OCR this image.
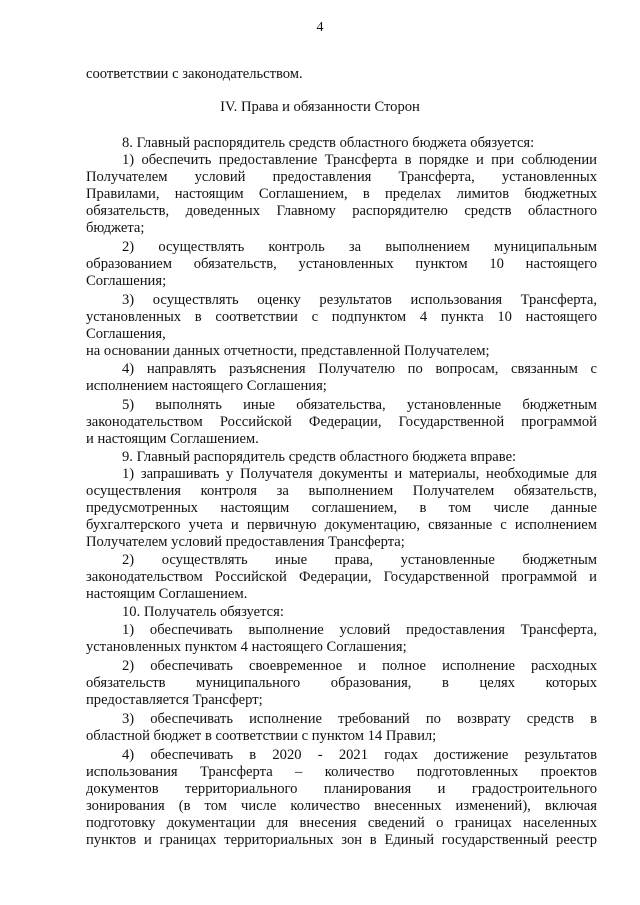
4
соответствии с законодательством.
IV. Права и обязанности Сторон
8. Главный распорядитель средств областного бюджета обязуется:
1) обеспечить предоставление Трансферта в порядке и при соблюдении
Получателем условий предоставления Трансферта, установленных
Правилами, настоящим Соглашением, в пределах лимитов бюджетных
обязательств, доведенных Главному распорядителю средств областного
бюджета;
2) осуществлять контроль за выполнением муниципальным
образованием обязательств, установленных пунктом 10 настоящего
Соглашения;
3) осуществлять оценку результатов использования Трансферта,
установленных в соответствии с подпунктом 4 пункта 10 настоящего
Соглашения,
на основании данных отчетности, представленной Получателем;
4) направлять разъяснения Получателю по вопросам, связанным с
исполнением настоящего Соглашения;
5) выполнять иные обязательства, установленные бюджетным
законодательством Российской Федерации, Государственной программой
и настоящим Соглашением.
9. Главный распорядитель средств областного бюджета вправе:
1) запрашивать у Получателя документы и материалы, необходимые для
осуществления контроля за выполнением Получателем обязательств,
предусмотренных настоящим соглашением, в том числе данные
бухгалтерского учета и первичную документацию, связанные с исполнением
Получателем условий предоставления Трансферта;
2) осуществлять иные права, установленные бюджетным
законодательством Российской Федерации, Государственной программой и
настоящим Соглашением.
10. Получатель обязуется:
1) обеспечивать выполнение условий предоставления Трансферта,
установленных пунктом 4 настоящего Соглашения;
2) обеспечивать своевременное и полное исполнение расходных
обязательств муниципального образования, в целях которых
предоставляется Трансферт;
3) обеспечивать исполнение требований по возврату средств в
областной бюджет в соответствии с пунктом 14 Правил;
4) обеспечивать в 2020 - 2021 годах достижение результатов
использования Трансферта – количество подготовленных проектов
документов территориального планирования и градостроительного
зонирования (в том числе количество внесенных изменений), включая
подготовку документации для внесения сведений о границах населенных
пунктов и границах территориальных зон в Единый государственный реестр
